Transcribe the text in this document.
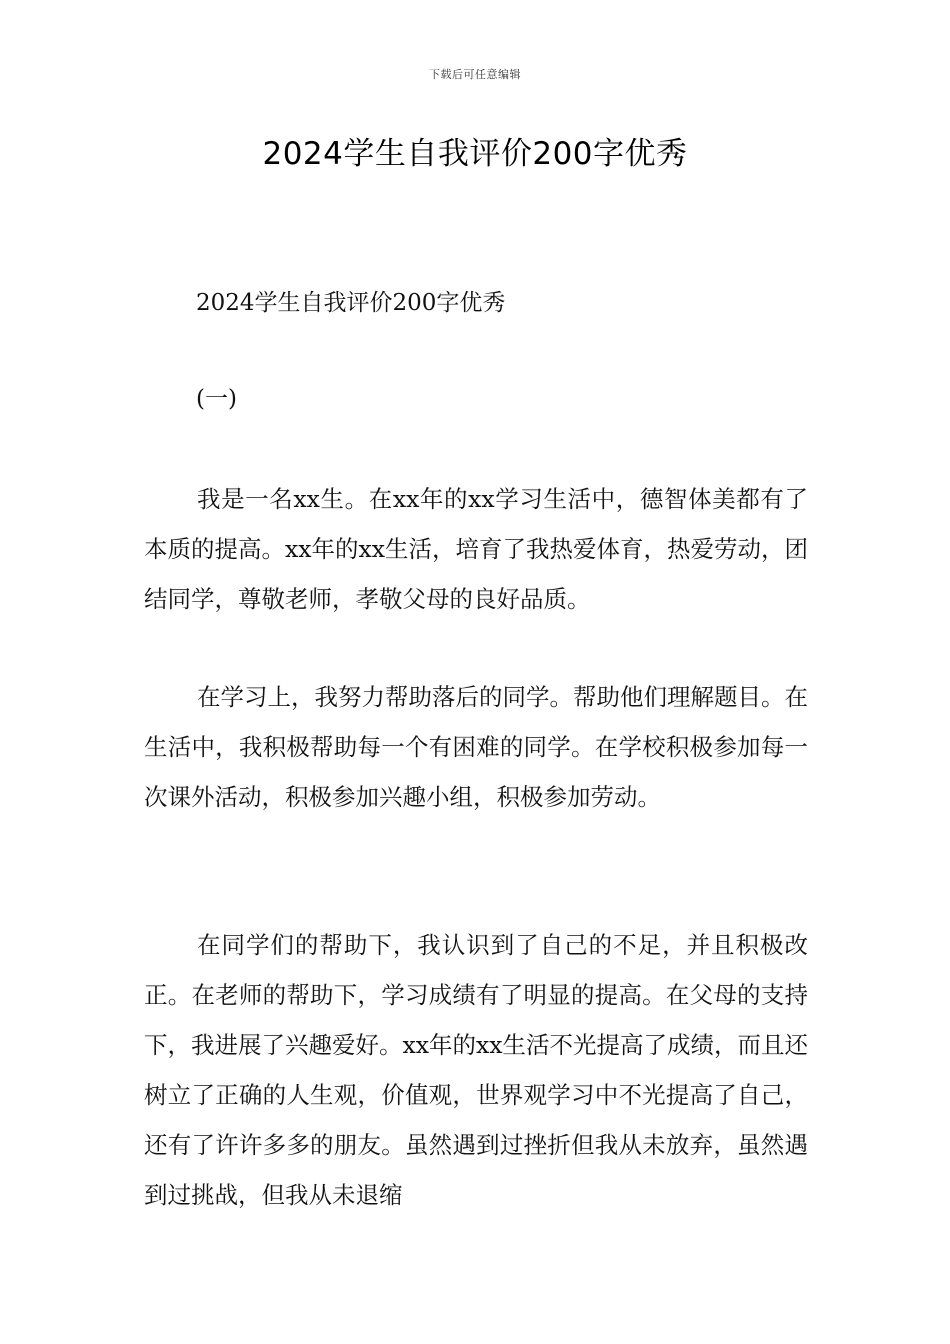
下载后可任意编辑
2024学生自我评价200字优秀

2024学生自我评价200字优秀

(一)

我是一名xx生。在xx年的xx学习生活中，德智体美都有了本质的提高。xx年的xx生活，培育了我热爱体育，热爱劳动，团结同学，尊敬老师，孝敬父母的良好品质。

在学习上，我努力帮助落后的同学。帮助他们理解题目。在生活中，我积极帮助每一个有困难的同学。在学校积极参加每一次课外活动，积极参加兴趣小组，积极参加劳动。

在同学们的帮助下，我认识到了自己的不足，并且积极改正。在老师的帮助下，学习成绩有了明显的提高。在父母的支持下，我进展了兴趣爱好。xx年的xx生活不光提高了成绩，而且还树立了正确的人生观，价值观，世界观学习中不光提高了自己，还有了许许多多的朋友。虽然遇到过挫折但我从未放弃，虽然遇到过挑战，但我从未退缩
